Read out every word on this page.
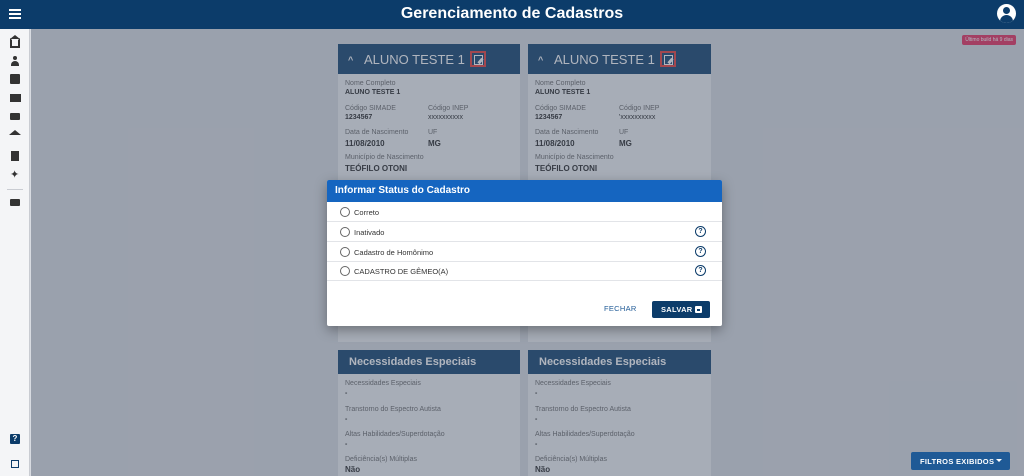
Gerenciamento de Cadastros
✦
?
Último build há 9 dias
^ ALUNO TESTE 1
Nome Completo
ALUNO TESTE 1
Código SIMADE
1234567
Código INEP
xxxxxxxxxx
Data de Nascimento
11/08/2010
UF
MG
Município de Nascimento
TEÓFILO OTONI
^ ALUNO TESTE 1
Nome Completo
ALUNO TESTE 1
Código SIMADE
1234567
Código INEP
'xxxxxxxxxx
Data de Nascimento
11/08/2010
UF
MG
Município de Nascimento
TEÓFILO OTONI
Necessidades Especiais
Necessidades Especiais
-
Transtorno do Espectro Autista
-
Altas Habilidades/Superdotação
-
Deficiência(s) Múltiplas
Não
Necessidades Especiais
Necessidades Especiais
-
Transtorno do Espectro Autista
-
Altas Habilidades/Superdotação
-
Deficiência(s) Múltiplas
Não
Informar Status do Cadastro
Correto
Inativado	?
Cadastro de Homônimo	?
CADASTRO DE GÊMEO(A)	?
FECHAR	SALVAR
FILTROS EXIBIDOS
